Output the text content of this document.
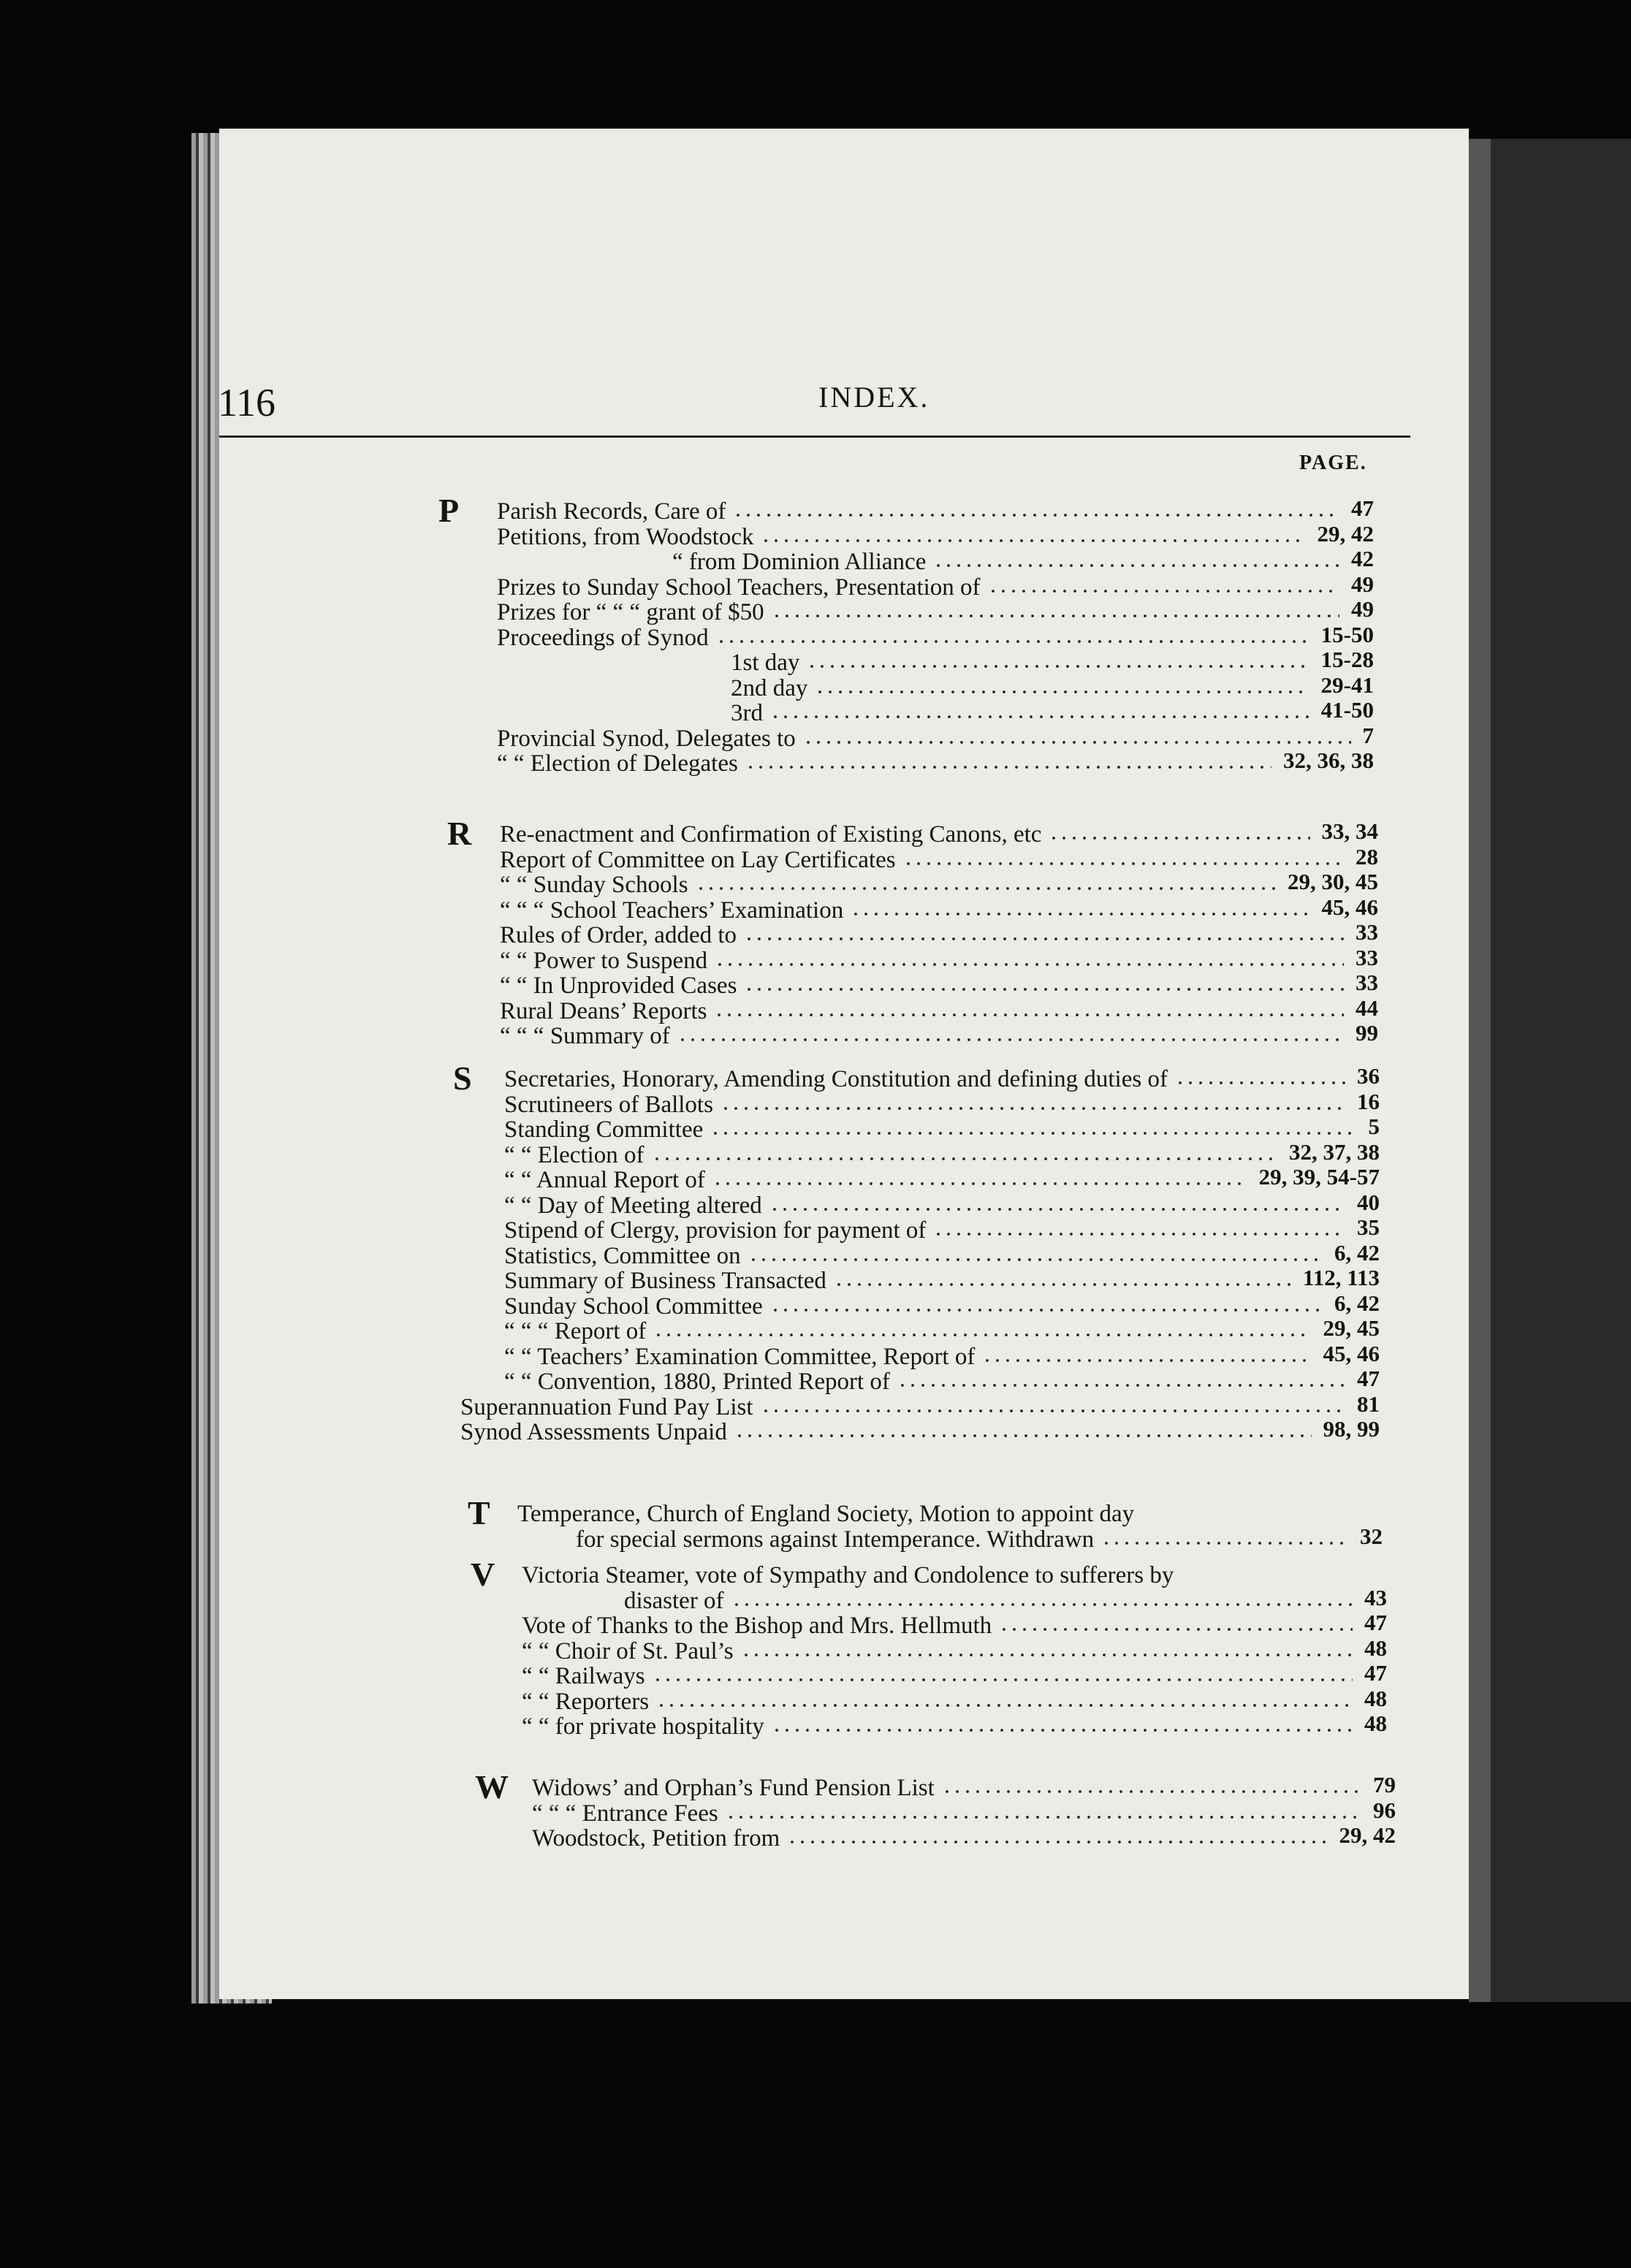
116	INDEX.
PAGE.
P Parish Records, Care of	47
Petitions, from Woodstock	29, 42
“ from Dominion Alliance	42
Prizes to Sunday School Teachers, Presentation of	49
Prizes for “ “ “ grant of $50	49
Proceedings of Synod	15-50
1st day	15-28
2nd day	29-41
3rd	41-50
Provincial Synod, Delegates to	7
“ “ Election of Delegates	32, 36, 38
R Re-enactment and Confirmation of Existing Canons, etc	33, 34
Report of Committee on Lay Certificates	28
“ “ Sunday Schools	29, 30, 45
“ “ “ School Teachers’ Examination	45, 46
Rules of Order, added to	33
“ “ Power to Suspend	33
“ “ In Unprovided Cases	33
Rural Deans’ Reports	44
“ “ “ Summary of	99
S Secretaries, Honorary, Amending Constitution and defining duties of	36
Scrutineers of Ballots	16
Standing Committee	5
“ “ Election of	32, 37, 38
“ “ Annual Report of	29, 39, 54-57
“ “ Day of Meeting altered	40
Stipend of Clergy, provision for payment of	35
Statistics, Committee on	6, 42
Summary of Business Transacted	112, 113
Sunday School Committee	6, 42
“ “ “ Report of	29, 45
“ “ Teachers’ Examination Committee, Report of	45, 46
“ “ Convention, 1880, Printed Report of	47
Superannuation Fund Pay List	81
Synod Assessments Unpaid	98, 99
T Temperance, Church of England Society, Motion to appoint day
for special sermons against Intemperance. Withdrawn	32
V Victoria Steamer, vote of Sympathy and Condolence to sufferers by
disaster of	43
Vote of Thanks to the Bishop and Mrs. Hellmuth	47
“ “ Choir of St. Paul’s	48
“ “ Railways	47
“ “ Reporters	48
“ “ for private hospitality	48
W Widows’ and Orphan’s Fund Pension List	79
“ “ “ Entrance Fees	96
Woodstock, Petition from	29, 42
